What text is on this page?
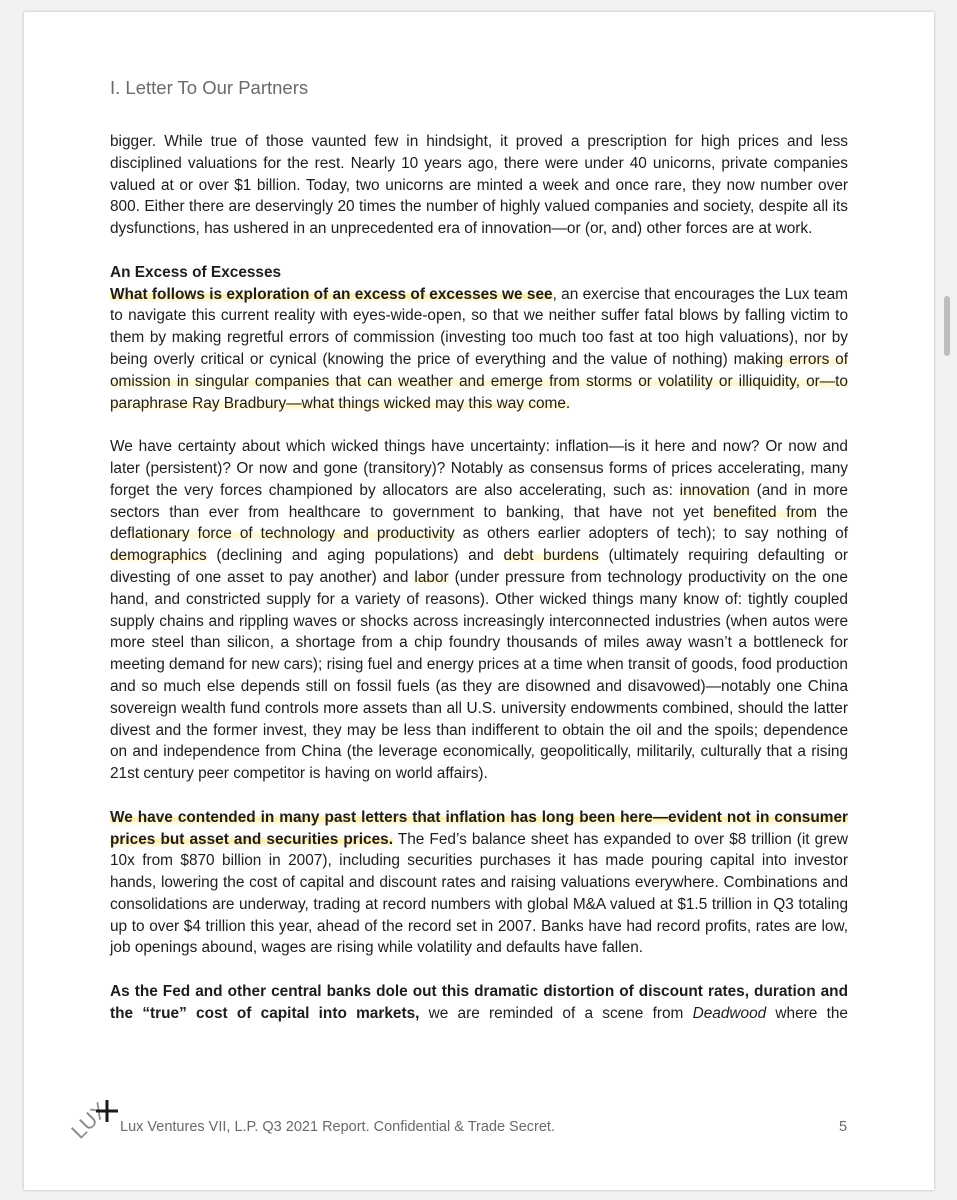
I. Letter To Our Partners

bigger. While true of those vaunted few in hindsight, it proved a prescription for high prices and less disciplined valuations for the rest. Nearly 10 years ago, there were under 40 unicorns, private companies valued at or over $1 billion. Today, two unicorns are minted a week and once rare, they now number over 800. Either there are deservingly 20 times the number of highly valued companies and society, despite all its dysfunctions, has ushered in an unprecedented era of innovation—or (or, and) other forces are at work.

An Excess of Excesses

What follows is exploration of an excess of excesses we see, an exercise that encourages the Lux team to navigate this current reality with eyes-wide-open, so that we neither suffer fatal blows by falling victim to them by making regretful errors of commission (investing too much too fast at too high valuations), nor by being overly critical or cynical (knowing the price of everything and the value of nothing) making errors of omission in singular companies that can weather and emerge from storms or volatility or illiquidity, or—to paraphrase Ray Bradbury—what things wicked may this way come.

We have certainty about which wicked things have uncertainty: inflation—is it here and now? Or now and later (persistent)? Or now and gone (transitory)? Notably as consensus forms of prices accelerating, many forget the very forces championed by allocators are also accelerating, such as: innovation (and in more sectors than ever from healthcare to government to banking, that have not yet benefited from the deflationary force of technology and productivity as others earlier adopters of tech); to say nothing of demographics (declining and aging populations) and debt burdens (ultimately requiring defaulting or divesting of one asset to pay another) and labor (under pressure from technology productivity on the one hand, and constricted supply for a variety of reasons). Other wicked things many know of: tightly coupled supply chains and rippling waves or shocks across increasingly interconnected industries (when autos were more steel than silicon, a shortage from a chip foundry thousands of miles away wasn’t a bottleneck for meeting demand for new cars); rising fuel and energy prices at a time when transit of goods, food production and so much else depends still on fossil fuels (as they are disowned and disavowed)—notably one China sovereign wealth fund controls more assets than all U.S. university endowments combined, should the latter divest and the former invest, they may be less than indifferent to obtain the oil and the spoils; dependence on and independence from China (the leverage economically, geopolitically, militarily, culturally that a rising 21st century peer competitor is having on world affairs).

We have contended in many past letters that inflation has long been here—evident not in consumer prices but asset and securities prices. The Fed’s balance sheet has expanded to over $8 trillion (it grew 10x from $870 billion in 2007), including securities purchases it has made pouring capital into investor hands, lowering the cost of capital and discount rates and raising valuations everywhere. Combinations and consolidations are underway, trading at record numbers with global M&A valued at $1.5 trillion in Q3 totaling up to over $4 trillion this year, ahead of the record set in 2007. Banks have had record profits, rates are low, job openings abound, wages are rising while volatility and defaults have fallen.

As the Fed and other central banks dole out this dramatic distortion of discount rates, duration and the “true” cost of capital into markets, we are reminded of a scene from Deadwood where the

LUX Lux Ventures VII, L.P. Q3 2021 Report. Confidential & Trade Secret.	5
